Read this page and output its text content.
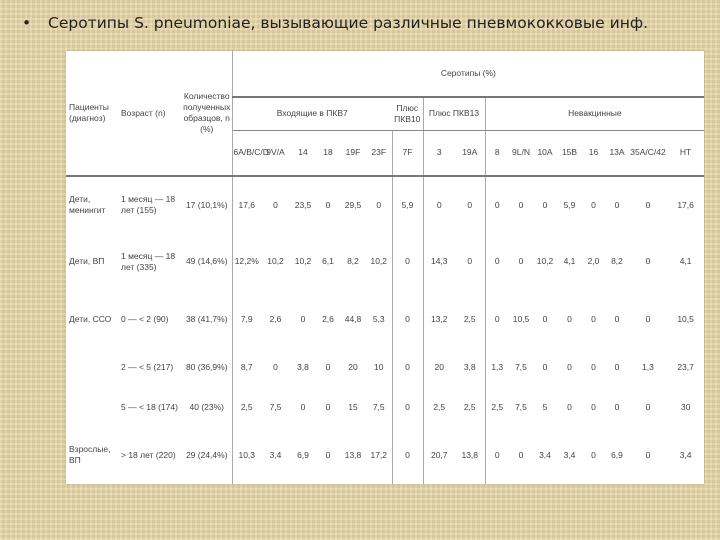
• Серотипы S. pneumoniae, вызывающие различные пневмококковые инф.
Пациенты (диагноз)	Возраст (n)	Количество полученных образцов, n (%)	Серотипы (%)																
			Входящие в ПКВ7						Плюс ПКВ10	Плюс ПКВ13		Невакцинные							
			6A/B/C/D	9V/A	14	18	19F	23F	7F	3	19A	8	9L/N	10A	15B	16	13A	35A/C/42	НТ
Дети, менингит	1 месяц — 18 лет (155)	17 (10,1%)	17,6	0	23,5	0	29,5	0	5,9	0	0	0	0	0	5,9	0	0	0	17,6
Дети, ВП	1 месяц — 18 лет (335)	49 (14,6%)	12,2%	10,2	10,2	6,1	8,2	10,2	0	14,3	0	0	0	10,2	4,1	2,0	8,2	0	4,1
Дети, ССО	0 — < 2 (90)	38 (41,7%)	7,9	2,6	0	2,6	44,8	5,3	0	13,2	2,5	0	10,5	0	0	0	0	0	10,5
	2 — < 5 (217)	80 (36,9%)	8,7	0	3,8	0	20	10	0	20	3,8	1,3	7,5	0	0	0	0	1,3	23,7
	5 — < 18 (174)	40 (23%)	2,5	7,5	0	0	15	7,5	0	2,5	2,5	2,5	7,5	5	0	0	0	0	30
Взрослые, ВП	> 18 лет (220)	29 (24,4%)	10,3	3,4	6,9	0	13,8	17,2	0	20,7	13,8	0	0	3,4	3,4	0	6,9	0	3,4
